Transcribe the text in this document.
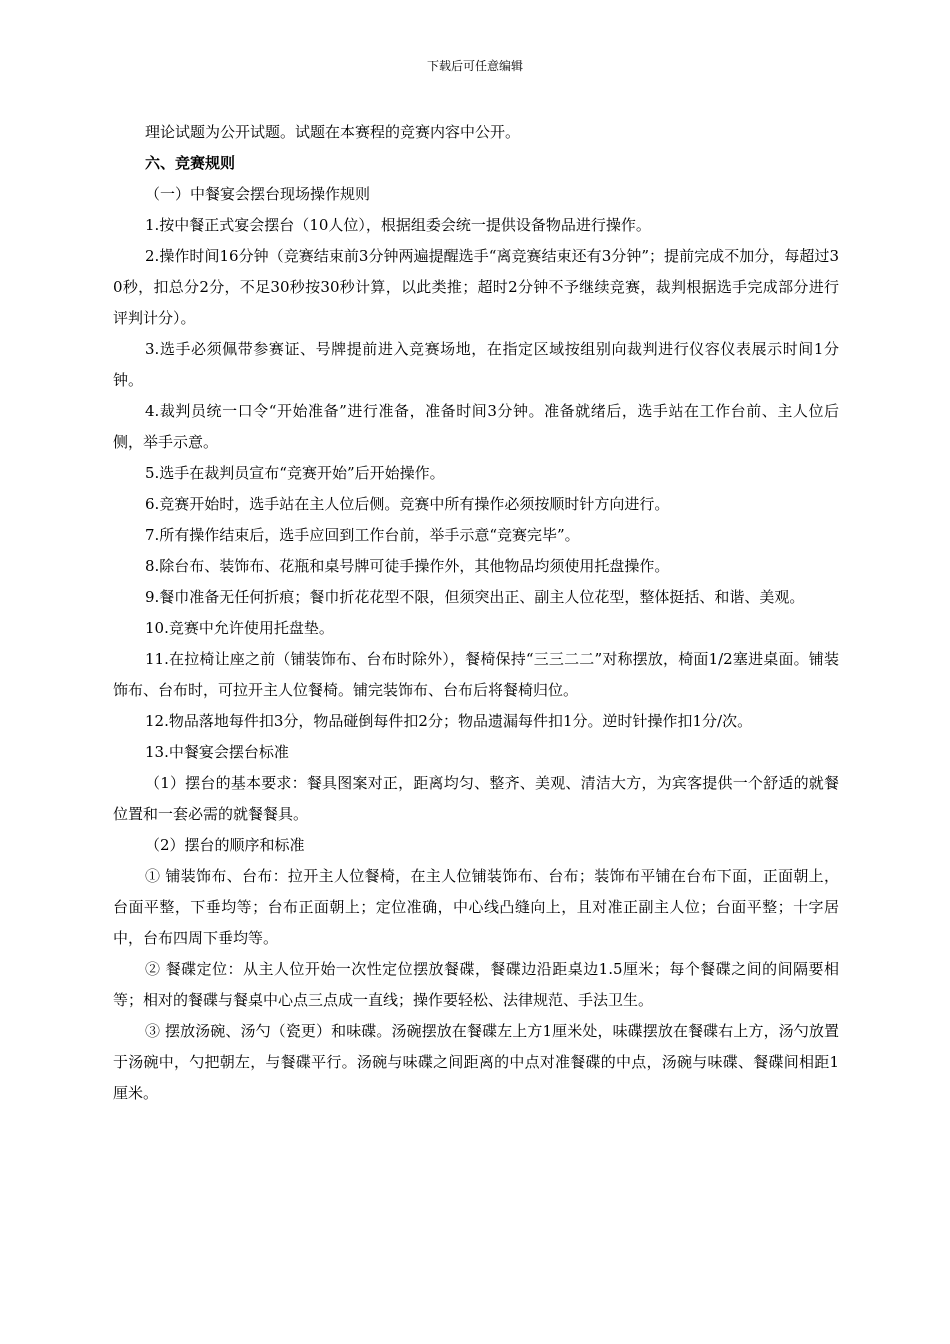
下载后可任意编辑

理论试题为公开试题。试题在本赛程的竞赛内容中公开。

六、竞赛规则

（一）中餐宴会摆台现场操作规则

1.按中餐正式宴会摆台（10人位），根据组委会统一提供设备物品进行操作。

2.操作时间16分钟（竞赛结束前3分钟两遍提醒选手“离竞赛结束还有3分钟”；提前完成不加分，每超过30秒，扣总分2分，不足30秒按30秒计算，以此类推；超时2分钟不予继续竞赛，裁判根据选手完成部分进行评判计分）。

3.选手必须佩带参赛证、号牌提前进入竞赛场地，在指定区域按组别向裁判进行仪容仪表展示时间1分钟。

4.裁判员统一口令“开始准备”进行准备，准备时间3分钟。准备就绪后，选手站在工作台前、主人位后侧，举手示意。

5.选手在裁判员宣布“竞赛开始”后开始操作。

6.竞赛开始时，选手站在主人位后侧。竞赛中所有操作必须按顺时针方向进行。

7.所有操作结束后，选手应回到工作台前，举手示意“竞赛完毕”。

8.除台布、装饰布、花瓶和桌号牌可徒手操作外，其他物品均须使用托盘操作。

9.餐巾准备无任何折痕；餐巾折花花型不限，但须突出正、副主人位花型，整体挺括、和谐、美观。

10.竞赛中允许使用托盘垫。

11.在拉椅让座之前（铺装饰布、台布时除外），餐椅保持“三三二二”对称摆放，椅面1/2塞进桌面。铺装饰布、台布时，可拉开主人位餐椅。铺完装饰布、台布后将餐椅归位。

12.物品落地每件扣3分，物品碰倒每件扣2分；物品遗漏每件扣1分。逆时针操作扣1分/次。

13.中餐宴会摆台标准

（1）摆台的基本要求：餐具图案对正，距离均匀、整齐、美观、清洁大方，为宾客提供一个舒适的就餐位置和一套必需的就餐餐具。

（2）摆台的顺序和标准

① 铺装饰布、台布：拉开主人位餐椅，在主人位铺装饰布、台布；装饰布平铺在台布下面，正面朝上，台面平整，下垂均等；台布正面朝上；定位准确，中心线凸缝向上，且对准正副主人位；台面平整；十字居中，台布四周下垂均等。

② 餐碟定位：从主人位开始一次性定位摆放餐碟，餐碟边沿距桌边1.5厘米；每个餐碟之间的间隔要相等；相对的餐碟与餐桌中心点三点成一直线；操作要轻松、法律规范、手法卫生。

③ 摆放汤碗、汤勺（瓷更）和味碟。汤碗摆放在餐碟左上方1厘米处，味碟摆放在餐碟右上方，汤勺放置于汤碗中，勺把朝左，与餐碟平行。汤碗与味碟之间距离的中点对准餐碟的中点，汤碗与味碟、餐碟间相距1厘米。
